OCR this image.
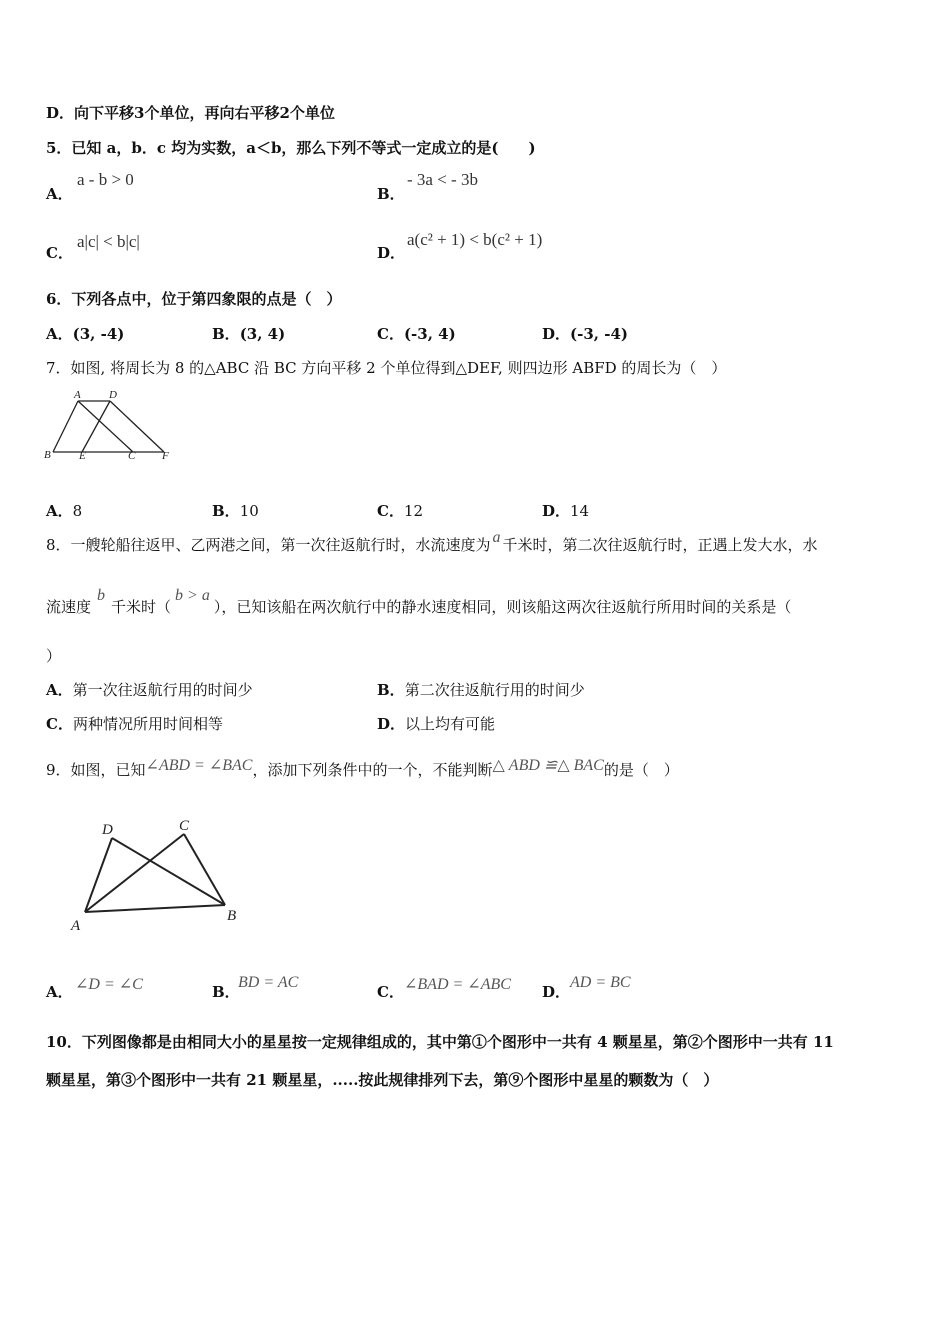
D．向下平移3个单位，再向右平移2个单位
5．已知 a，b．c 均为实数，a＜b，那么下列不等式一定成立的是(　　)
A．
a - b > 0
B．
- 3a < - 3b
C．
a|c| < b|c|
D．
a(c² + 1) < b(c² + 1)
6．下列各点中，位于第四象限的点是（　）
A．(3, -4)	B．(3, 4)	C．(-3, 4)	D．(-3, -4)
7．如图, 将周长为 8 的△ABC 沿 BC 方向平移 2 个单位得到△DEF, 则四边形 ABFD 的周长为（　）
A	D
B	E	C F
A．8	B．10	C．12	D．14
8．一艘轮船往返甲、乙两港之间，第一次往返航行时，水流速度为 a 千米时，第二次往返航行时，正遇上发大水，水
流速度b千米时（b > a），已知该船在两次航行中的静水速度相同，则该船这两次往返航行所用时间的关系是（
）
A．第一次往返航行用的时间少	B．第二次往返航行用的时间少
C．两种情况所用时间相等	D．以上均有可能
9．如图，已知∠ABD = ∠BAC，添加下列条件中的一个，不能判断△ ABD ≌△ BAC的是（　）
D	C
A
B
A． ∠D = ∠C	B．
BD = AC
C． ∠BAD = ∠ABC D．
AD = BC
10．下列图像都是由相同大小的星星按一定规律组成的，其中第①个图形中一共有 4 颗星星，第②个图形中一共有 11
颗星星，第③个图形中一共有 21 颗星星，.....按此规律排列下去，第⑨个图形中星星的颗数为（　）
